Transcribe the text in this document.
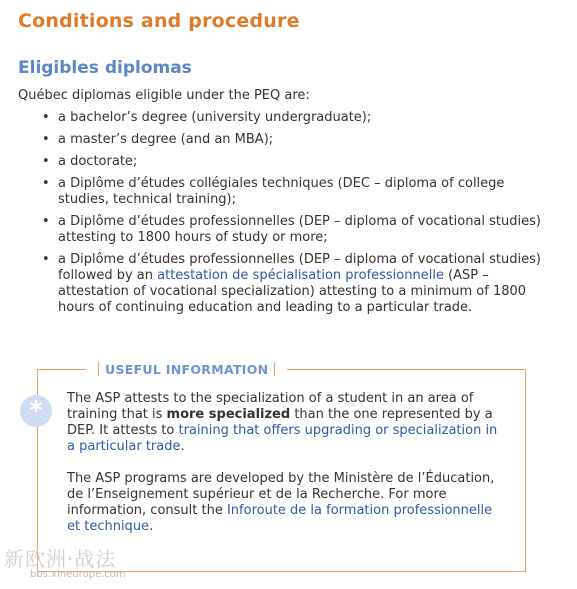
Conditions and procedure
Eligibles diplomas
Québec diplomas eligible under the PEQ are:
• a bachelor’s degree (university undergraduate);
• a master’s degree (and an MBA);
• a doctorate;
• a Diplôme d’études collégiales techniques (DEC – diploma of college studies, technical training);
• a Diplôme d’études professionnelles (DEP – diploma of vocational studies) attesting to 1800 hours of study or more;
• a Diplôme d’études professionnelles (DEP – diploma of vocational studies) followed by an attestation de spécialisation professionnelle (ASP – attestation of vocational specialization) attesting to a minimum of 1800 hours of continuing education and leading to a particular trade.
USEFUL INFORMATION
*	The ASP attests to the specialization of a student in an area of training that is more specialized than the one represented by a DEP. It attests to training that offers upgrading or specialization in a particular trade.
The ASP programs are developed by the Ministère de l’Éducation, de l’Enseignement supérieur et de la Recherche. For more information, consult the Inforoute de la formation professionnelle et technique.
新欧洲·战法
bbs.xineurope.com
